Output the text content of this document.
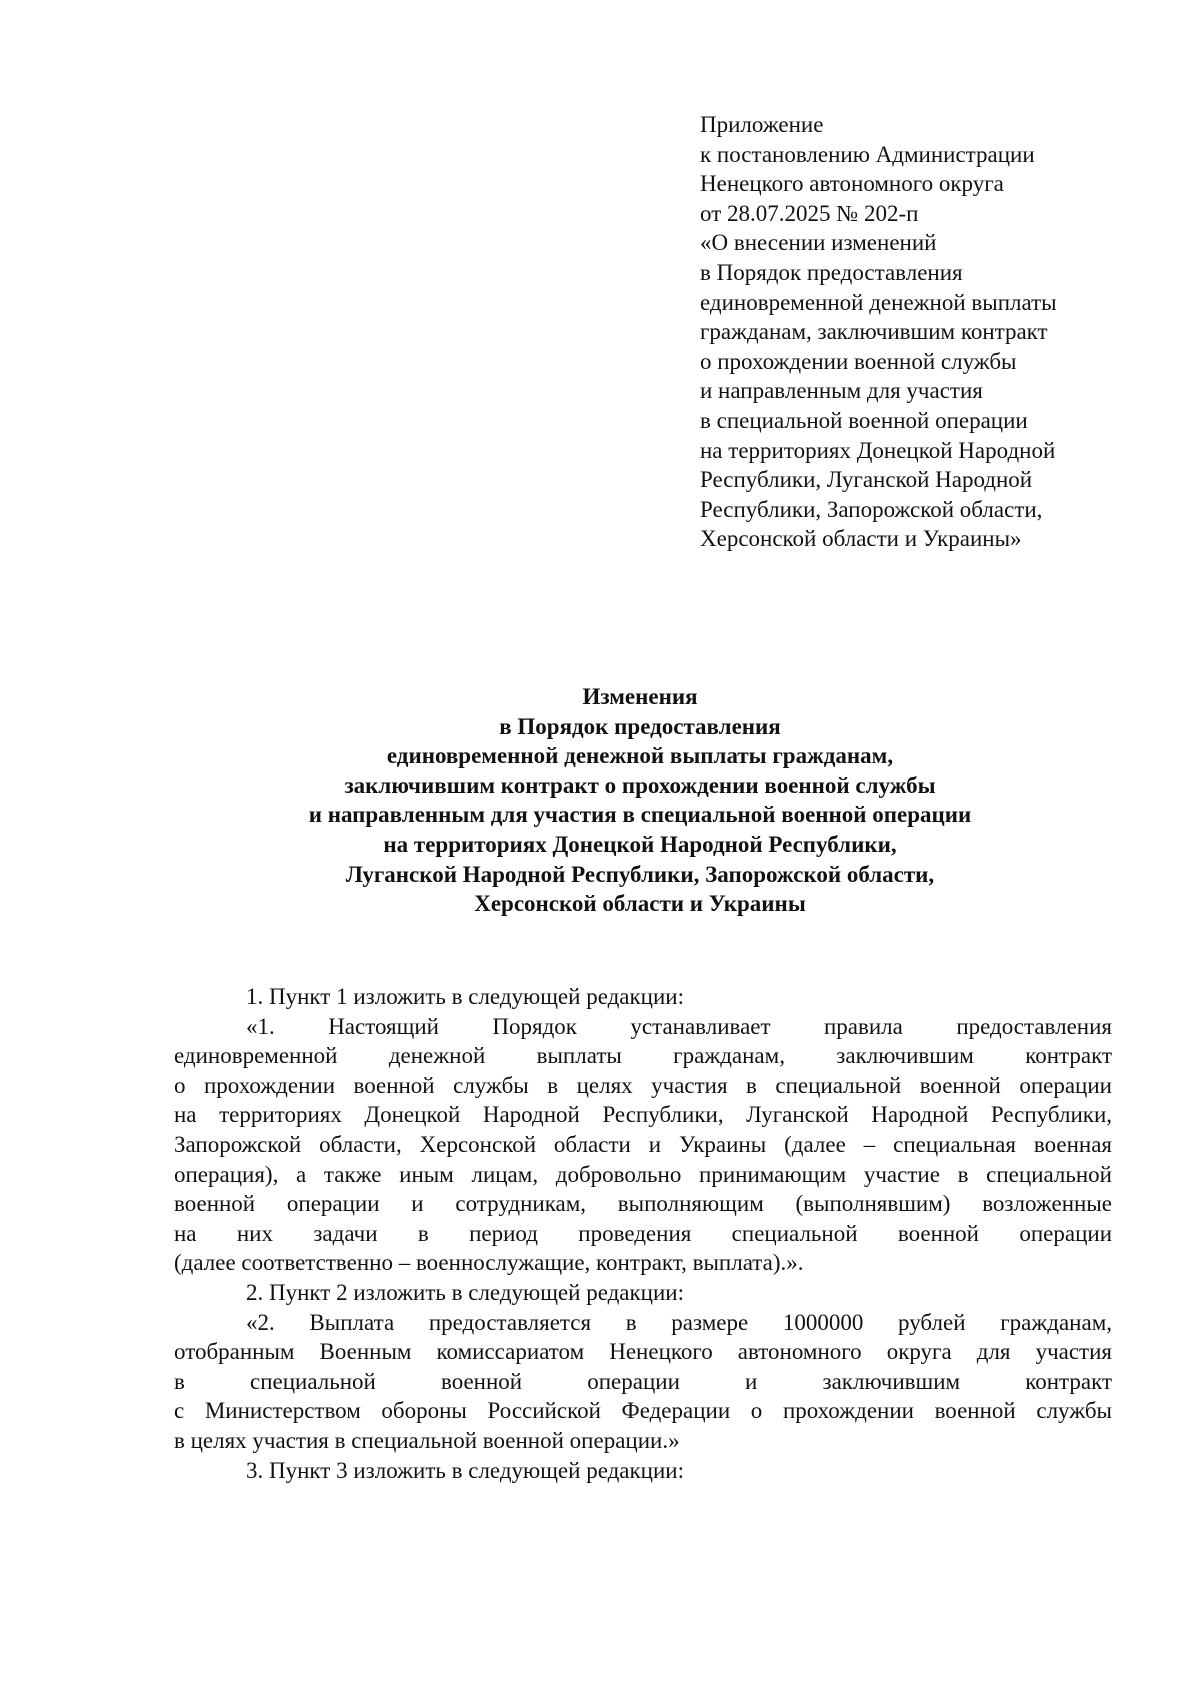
Приложение
к постановлению Администрации
Ненецкого автономного округа
от 28.07.2025 № 202-п
«О внесении изменений
в Порядок предоставления
единовременной денежной выплаты
гражданам, заключившим контракт
о прохождении военной службы
и направленным для участия
в специальной военной операции
на территориях Донецкой Народной
Республики, Луганской Народной
Республики, Запорожской области,
Херсонской области и Украины»
Изменения
в Порядок предоставления
единовременной денежной выплаты гражданам,
заключившим контракт о прохождении военной службы
и направленным для участия в специальной военной операции
на территориях Донецкой Народной Республики,
Луганской Народной Республики, Запорожской области,
Херсонской области и Украины
1. Пункт 1 изложить в следующей редакции:
«1. Настоящий Порядок устанавливает правила предоставления
единовременной денежной выплаты гражданам, заключившим контракт
о прохождении военной службы в целях участия в специальной военной операции
на территориях Донецкой Народной Республики, Луганской Народной Республики,
Запорожской области, Херсонской области и Украины (далее – специальная военная
операция), а также иным лицам, добровольно принимающим участие в специальной
военной операции и сотрудникам, выполняющим (выполнявшим) возложенные
на них задачи в период проведения специальной военной операции
(далее соответственно – военнослужащие, контракт, выплата).».
2. Пункт 2 изложить в следующей редакции:
«2. Выплата предоставляется в размере 1000000 рублей гражданам,
отобранным Военным комиссариатом Ненецкого автономного округа для участия
в специальной военной операции и заключившим контракт
с Министерством обороны Российской Федерации о прохождении военной службы
в целях участия в специальной военной операции.»
3. Пункт 3 изложить в следующей редакции:
